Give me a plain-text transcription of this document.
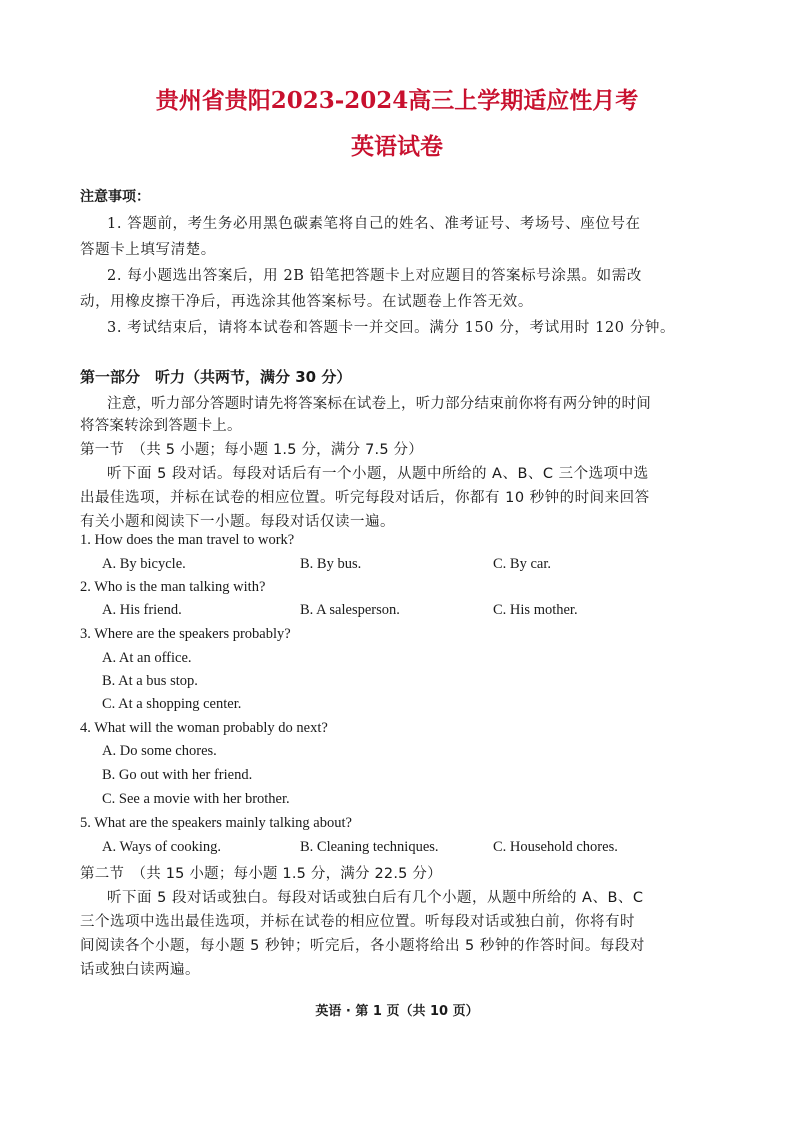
贵州省贵阳2023-2024高三上学期适应性月考
英语试卷
注意事项：
1. 答题前，考生务必用黑色碳素笔将自己的姓名、准考证号、考场号、座位号在
答题卡上填写清楚。
2. 每小题选出答案后，用 2B 铅笔把答题卡上对应题目的答案标号涂黑。如需改
动，用橡皮擦干净后，再选涂其他答案标号。在试题卷上作答无效。
3. 考试结束后，请将本试卷和答题卡一并交回。满分 150 分，考试用时 120 分钟。
第一部分　听力（共两节，满分 30 分）
注意，听力部分答题时请先将答案标在试卷上，听力部分结束前你将有两分钟的时间
将答案转涂到答题卡上。
第一节　（共 5 小题；每小题 1.5 分，满分 7.5 分）
听下面 5 段对话。每段对话后有一个小题，从题中所给的 A、B、C 三个选项中选
出最佳选项，并标在试卷的相应位置。听完每段对话后，你都有 10 秒钟的时间来回答
有关小题和阅读下一小题。每段对话仅读一遍。
1. How does the man travel to work?
A. By bicycle.	B. By bus.	C. By car.
2. Who is the man talking with?
A. His friend.	B. A salesperson.	C. His mother.
3. Where are the speakers probably?
A. At an office.
B. At a bus stop.
C. At a shopping center.
4. What will the woman probably do next?
A. Do some chores.
B. Go out with her friend.
C. See a movie with her brother.
5. What are the speakers mainly talking about?
A. Ways of cooking.	B. Cleaning techniques.	C. Household chores.
第二节　（共 15 小题；每小题 1.5 分，满分 22.5 分）
听下面 5 段对话或独白。每段对话或独白后有几个小题，从题中所给的 A、B、C
三个选项中选出最佳选项，并标在试卷的相应位置。听每段对话或独白前，你将有时
间阅读各个小题，每小题 5 秒钟；听完后，各小题将给出 5 秒钟的作答时间。每段对
话或独白读两遍。
英语 · 第 1 页（共 10 页）
